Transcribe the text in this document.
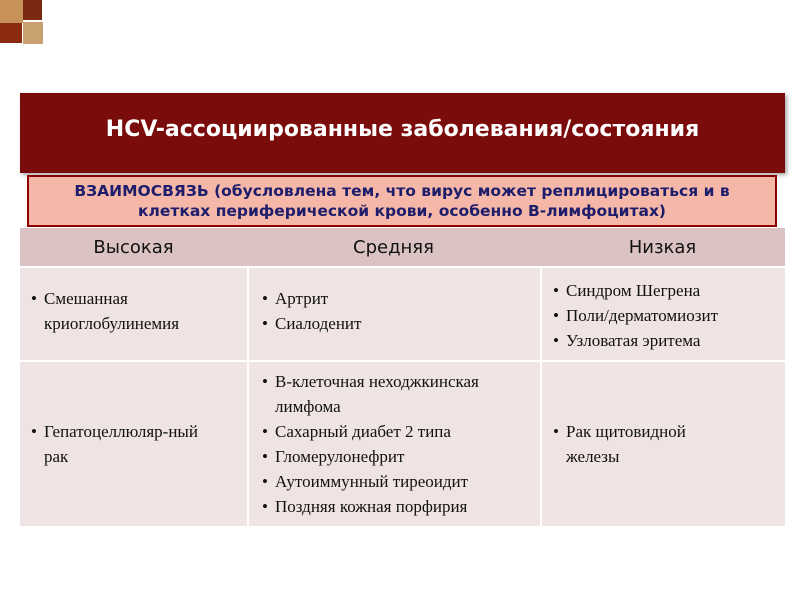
HCV-ассоциированные заболевания/состояния
Высокая	Средняя	Низкая
• Смешанная криоглобулинемия
• Артрит
• Сиалоденит
• Синдром Шегрена
• Поли/дерматомиозит
• Узловатая эритема
• Гепатоцеллюляр-ный рак
• В-клеточная неходжкинская лимфома
• Сахарный диабет 2 типа
• Гломерулонефрит
• Аутоиммунный тиреоидит
• Поздняя кожная порфирия
• Рак щитовидной железы
ВЗАИМОСВЯЗЬ (обусловлена тем, что вирус может реплицироваться и в клетках периферической крови, особенно В-лимфоцитах)
